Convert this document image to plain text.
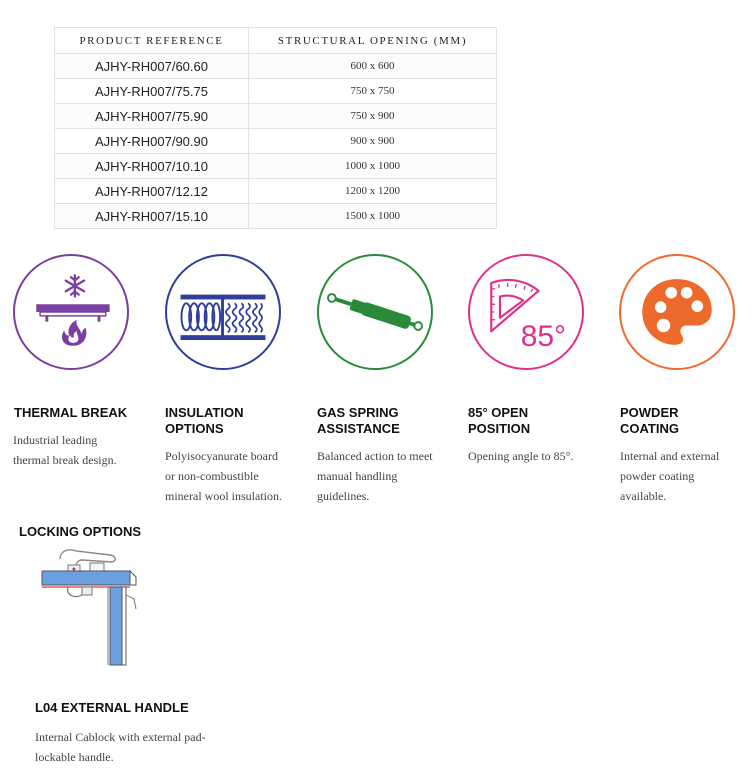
PRODUCT REFERENCE	STRUCTURAL OPENING (MM)
AJHY-RH007/60.60	600 x 600
AJHY-RH007/75.75	750 x 750
AJHY-RH007/75.90	750 x 900
AJHY-RH007/90.90	900 x 900
AJHY-RH007/10.10	1000 x 1000
AJHY-RH007/12.12	1200 x 1200
AJHY-RH007/15.10	1500 x 1000

THERMAL BREAK

Industrial leading
thermal break design.

INSULATION
OPTIONS

Polyisocyanurate board
or non-combustible
mineral wool insulation.

GAS SPRING
ASSISTANCE

Balanced action to meet
manual handling
guidelines.

85°

85° OPEN
POSITION

Opening angle to 85°.

POWDER
COATING

Internal and external
powder coating
available.

LOCKING OPTIONS

L04 EXTERNAL HANDLE

Internal Cablock with external pad-
lockable handle.
